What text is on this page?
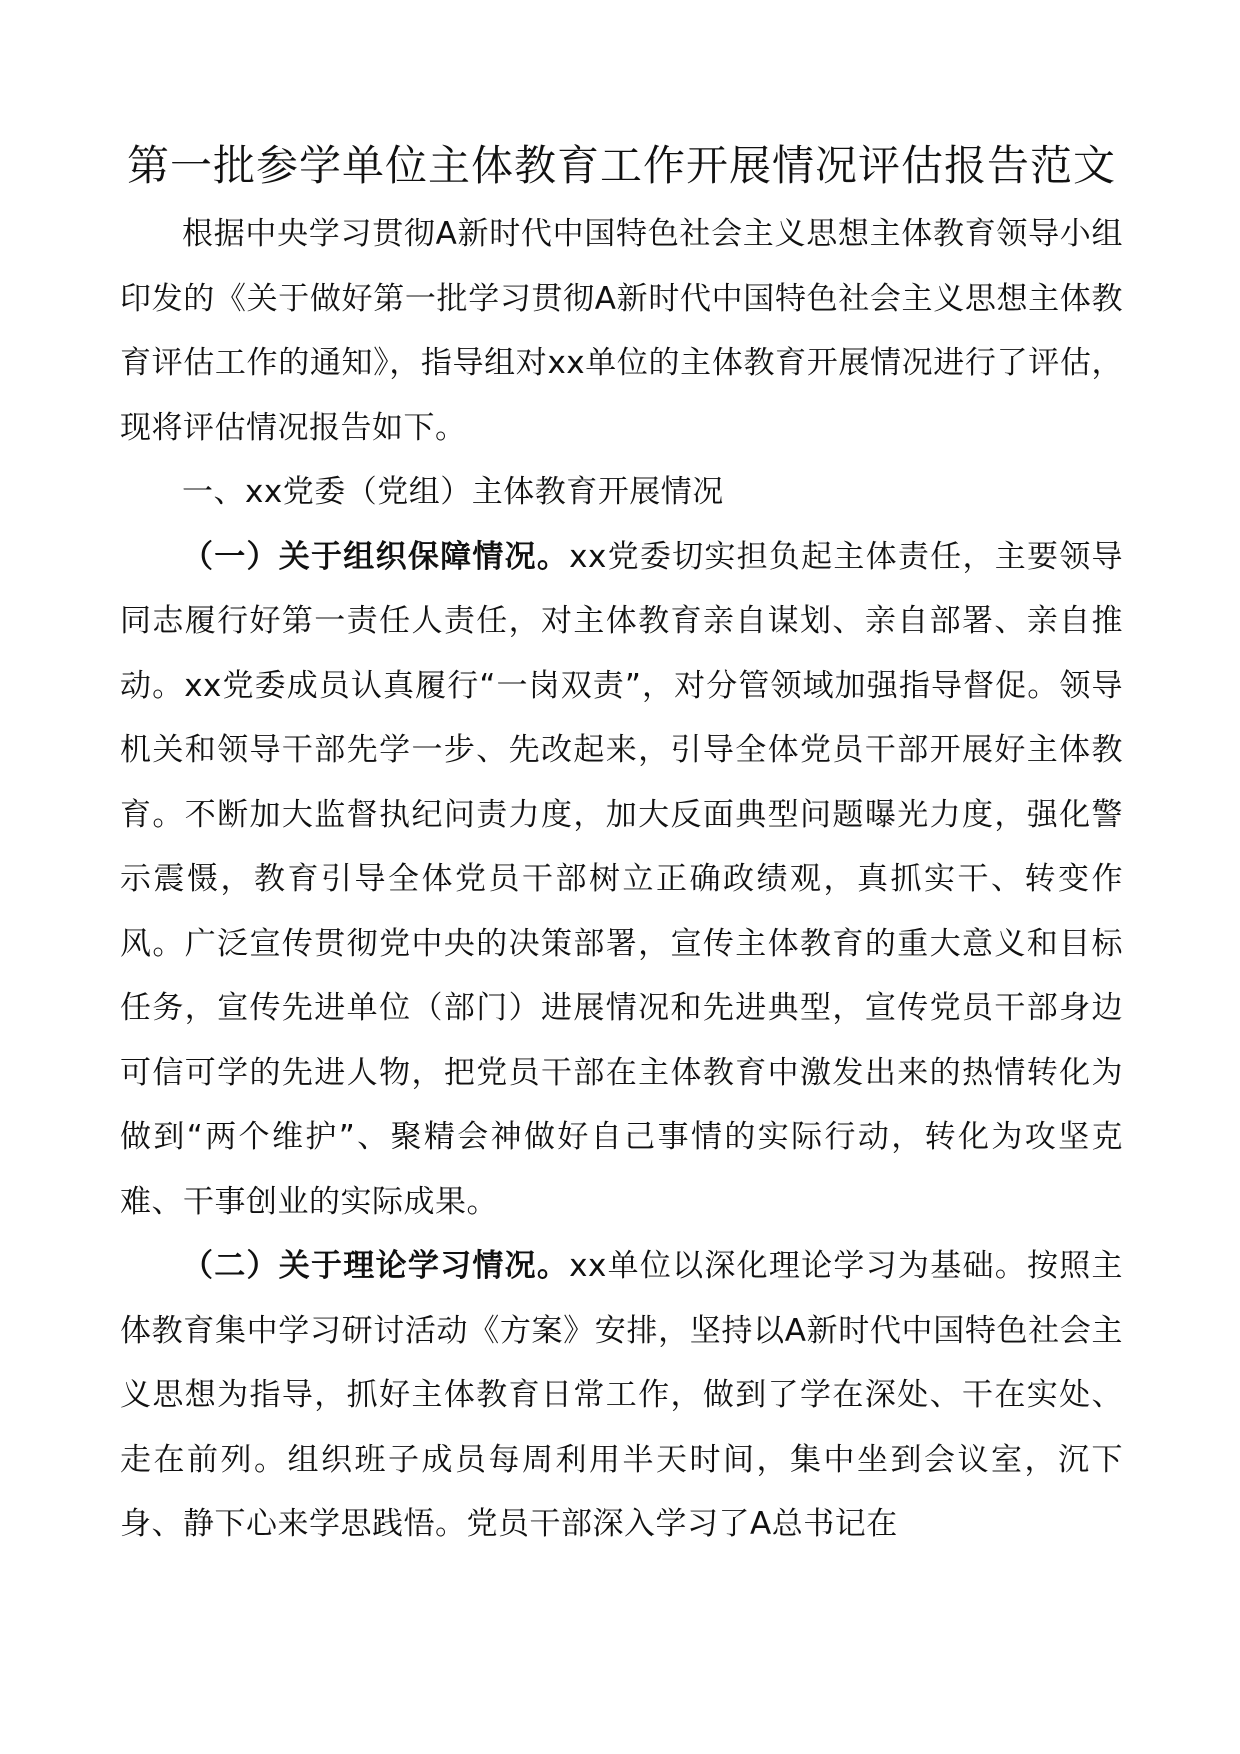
第一批参学单位主体教育工作开展情况评估报告范文

根据中央学习贯彻A新时代中国特色社会主义思想主体教育领导小组印发的《关于做好第一批学习贯彻A新时代中国特色社会主义思想主体教育评估工作的通知》，指导组对xx单位的主体教育开展情况进行了评估，现将评估情况报告如下。

一、xx党委（党组）主体教育开展情况

（一）关于组织保障情况。xx党委切实担负起主体责任，主要领导同志履行好第一责任人责任，对主体教育亲自谋划、亲自部署、亲自推动。xx党委成员认真履行“一岗双责”，对分管领域加强指导督促。领导机关和领导干部先学一步、先改起来，引导全体党员干部开展好主体教育。不断加大监督执纪问责力度，加大反面典型问题曝光力度，强化警示震慑，教育引导全体党员干部树立正确政绩观，真抓实干、转变作风。广泛宣传贯彻党中央的决策部署，宣传主体教育的重大意义和目标任务，宣传先进单位（部门）进展情况和先进典型，宣传党员干部身边可信可学的先进人物，把党员干部在主体教育中激发出来的热情转化为做到“两个维护”、聚精会神做好自己事情的实际行动，转化为攻坚克难、干事创业的实际成果。

（二）关于理论学习情况。xx单位以深化理论学习为基础。按照主体教育集中学习研讨活动《方案》安排，坚持以A新时代中国特色社会主义思想为指导，抓好主体教育日常工作，做到了学在深处、干在实处、走在前列。组织班子成员每周利用半天时间，集中坐到会议室，沉下身、静下心来学思践悟。党员干部深入学习了A总书记在
